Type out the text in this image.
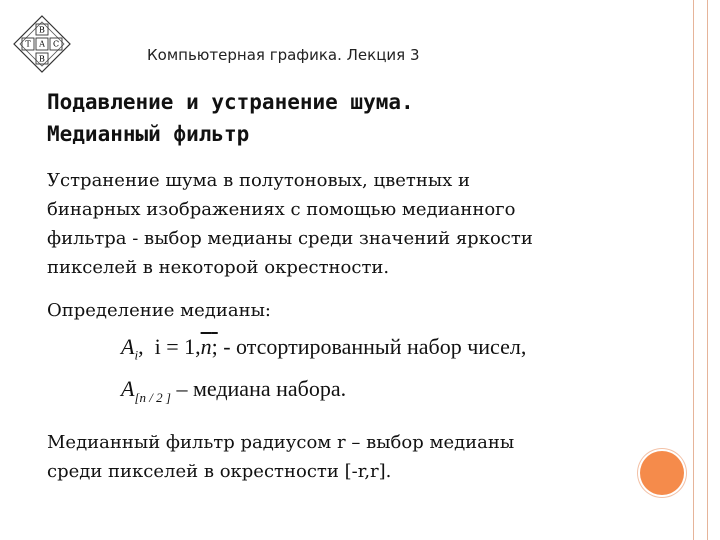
В
Т А С
В	Компьютерная графика. Лекция 3
Подавление и устранение шума.
Медианный фильтр
Устранение шума в полутоновых, цветных и
бинарных изображениях с помощью медианного
фильтра - выбор медианы среди значений яркости
пикселей в некоторой окрестности.
Определение медианы:
$A_i$, i = 1,n; - отсортированный набор чисел,
$A_{[n / 2 ]}$ – медиана набора.
Медианный фильтр радиусом r – выбор медианы
среди пикселей в окрестности [-r,r].
